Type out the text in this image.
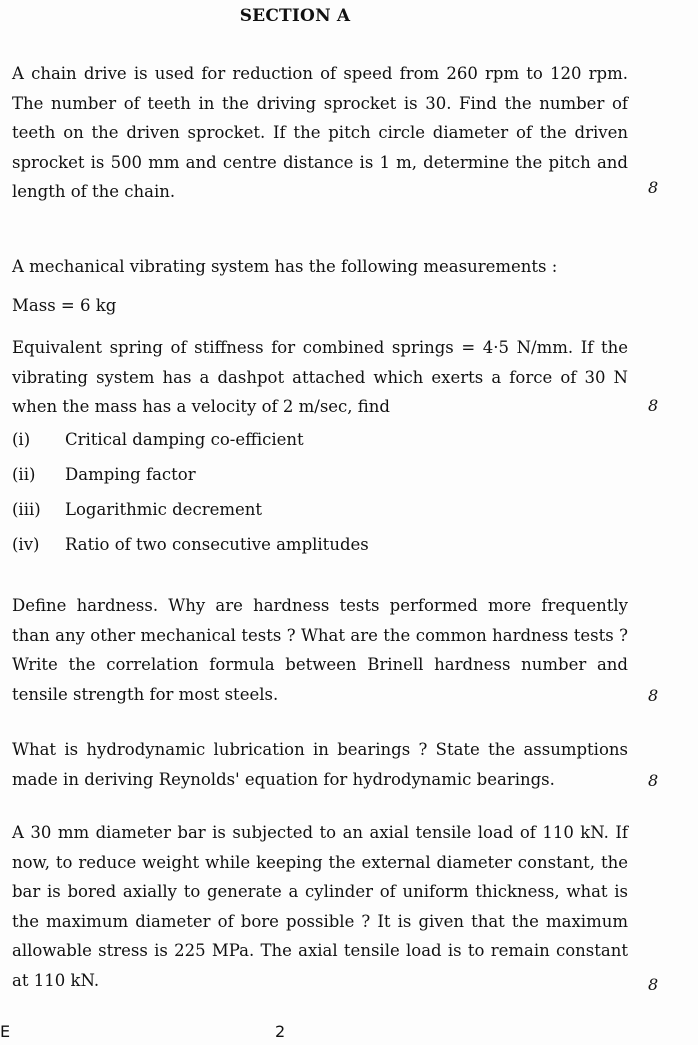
SECTION A

A chain drive is used for reduction of speed from 260 rpm to 120 rpm. The number of teeth in the driving sprocket is 30. Find the number of teeth on the driven sprocket. If the pitch circle diameter of the driven sprocket is 500 mm and centre distance is 1 m, determine the pitch and length of the chain.	8

A mechanical vibrating system has the following measurements :

Mass = 6 kg

Equivalent spring of stiffness for combined springs = 4·5 N/mm. If the vibrating system has a dashpot attached which exerts a force of 30 N when the mass has a velocity of 2 m/sec, find	8
(i)	Critical damping co-efficient
(ii)	Damping factor
(iii)	Logarithmic decrement
(iv)	Ratio of two consecutive amplitudes

Define hardness. Why are hardness tests performed more frequently than any other mechanical tests ? What are the common hardness tests ? Write the correlation formula between Brinell hardness number and tensile strength for most steels.	8

What is hydrodynamic lubrication in bearings ? State the assumptions made in deriving Reynolds' equation for hydrodynamic bearings.	8

A 30 mm diameter bar is subjected to an axial tensile load of 110 kN. If now, to reduce weight while keeping the external diameter constant, the bar is bored axially to generate a cylinder of uniform thickness, what is the maximum diameter of bore possible ? It is given that the maximum allowable stress is 225 MPa. The axial tensile load is to remain constant at 110 kN.	8
E	2
